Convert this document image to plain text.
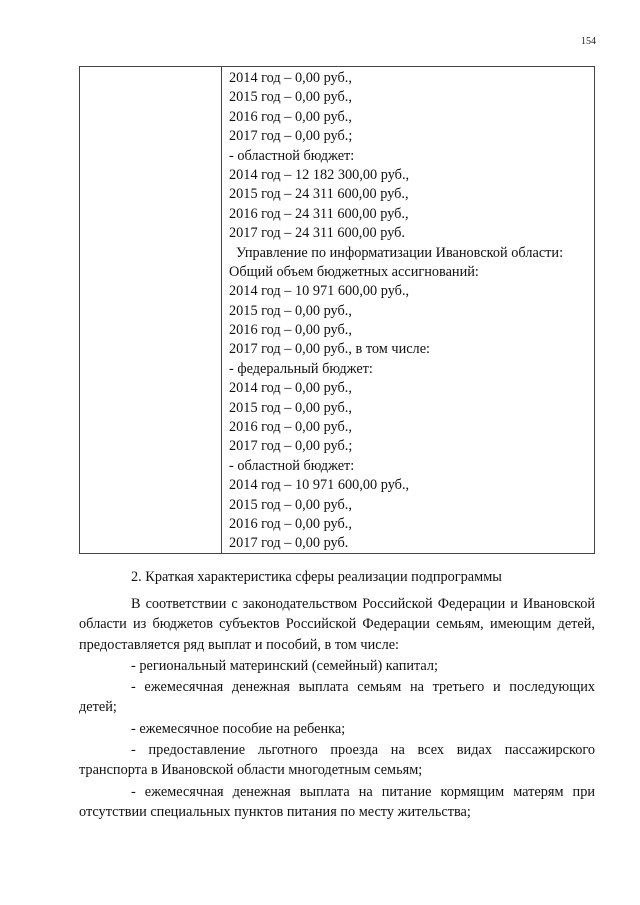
154
2014 год – 0,00 руб.,
2015 год – 0,00 руб.,
2016 год – 0,00 руб.,
2017 год – 0,00 руб.;
- областной бюджет:
2014 год – 12 182 300,00 руб.,
2015 год – 24 311 600,00 руб.,
2016 год – 24 311 600,00 руб.,
2017 год – 24 311 600,00 руб.
Управление по информатизации Ивановской области:
Общий объем бюджетных ассигнований:
2014 год – 10 971 600,00 руб.,
2015 год – 0,00 руб.,
2016 год – 0,00 руб.,
2017 год – 0,00 руб., в том числе:
- федеральный бюджет:
2014 год – 0,00 руб.,
2015 год – 0,00 руб.,
2016 год – 0,00 руб.,
2017 год – 0,00 руб.;
- областной бюджет:
2014 год – 10 971 600,00 руб.,
2015 год – 0,00 руб.,
2016 год – 0,00 руб.,
2017 год – 0,00 руб.
2. Краткая характеристика сферы реализации подпрограммы

В соответствии с законодательством Российской Федерации и Ивановской области из бюджетов субъектов Российской Федерации семьям, имеющим детей, предоставляется ряд выплат и пособий, в том числе:

- региональный материнский (семейный) капитал;

- ежемесячная денежная выплата семьям на третьего и последующих детей;

- ежемесячное пособие на ребенка;

- предоставление льготного проезда на всех видах пассажирского транспорта в Ивановской области многодетным семьям;

- ежемесячная денежная выплата на питание кормящим матерям при отсутствии специальных пунктов питания по месту жительства;
